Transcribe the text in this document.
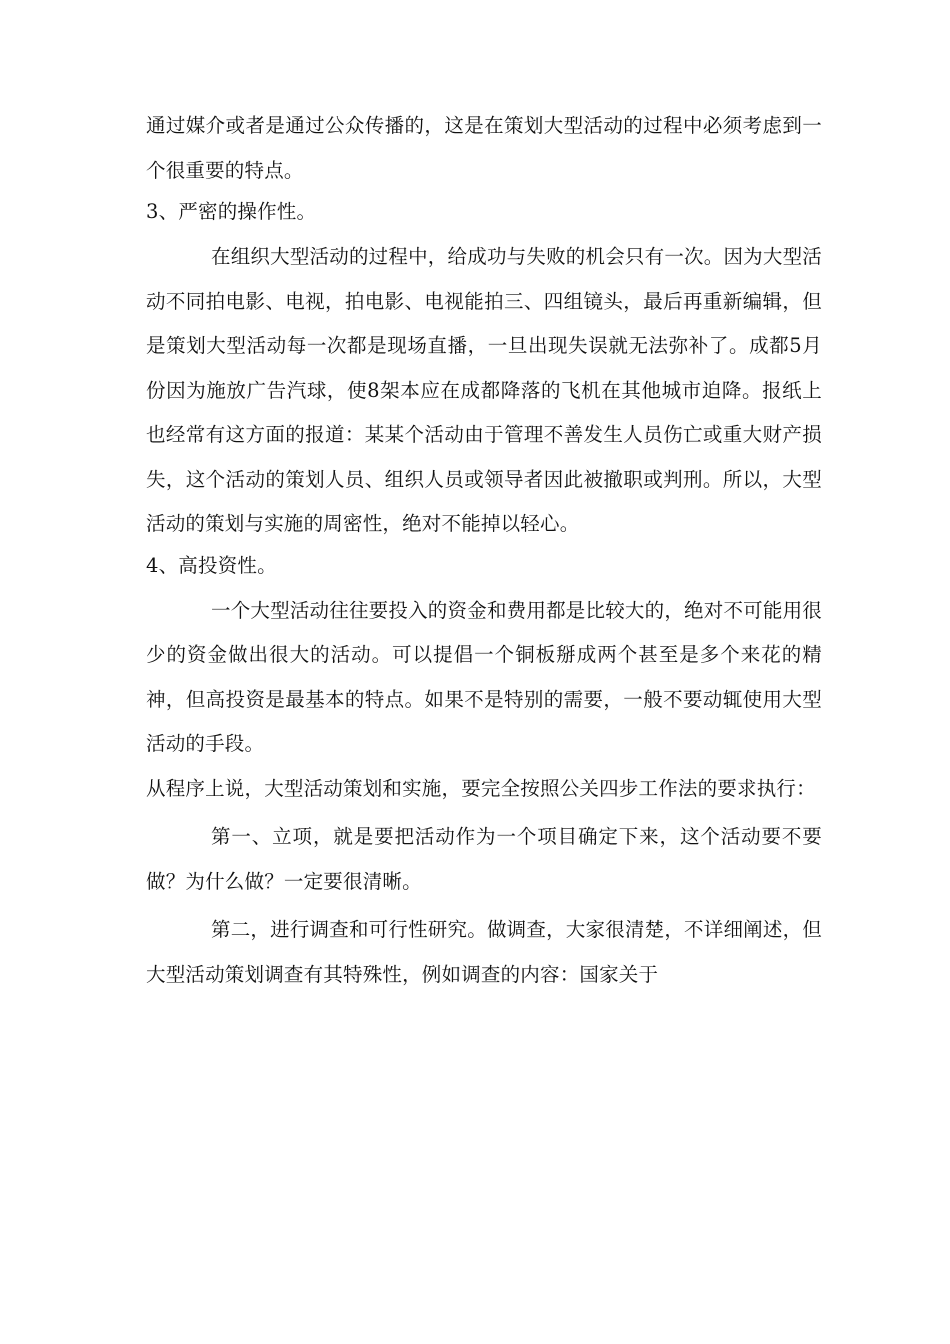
通过媒介或者是通过公众传播的，这是在策划大型活动的过程中必须考虑到一个很重要的特点。

3、严密的操作性。

在组织大型活动的过程中，给成功与失败的机会只有一次。因为大型活动不同拍电影、电视，拍电影、电视能拍三、四组镜头，最后再重新编辑，但是策划大型活动每一次都是现场直播，一旦出现失误就无法弥补了。成都5月份因为施放广告汽球，使8架本应在成都降落的飞机在其他城市迫降。报纸上也经常有这方面的报道：某某个活动由于管理不善发生人员伤亡或重大财产损失，这个活动的策划人员、组织人员或领导者因此被撤职或判刑。所以，大型活动的策划与实施的周密性，绝对不能掉以轻心。

4、高投资性。

一个大型活动往往要投入的资金和费用都是比较大的，绝对不可能用很少的资金做出很大的活动。可以提倡一个铜板掰成两个甚至是多个来花的精神，但高投资是最基本的特点。如果不是特别的需要，一般不要动辄使用大型活动的手段。

从程序上说，大型活动策划和实施，要完全按照公关四步工作法的要求执行：

第一、立项，就是要把活动作为一个项目确定下来，这个活动要不要做？为什么做？一定要很清晰。

第二，进行调查和可行性研究。做调查，大家很清楚，不详细阐述，但大型活动策划调查有其特殊性，例如调查的内容：国家关于
